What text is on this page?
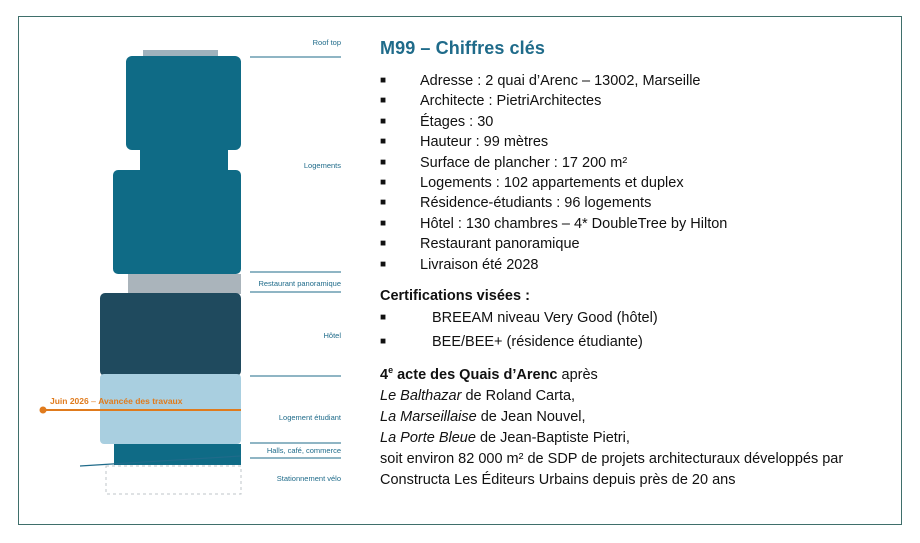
Roof top
Logements
Restaurant panoramique
Hôtel
Logement étudiant
Halls, café, commerce
Stationnement vélo
Juin 2026 – Avancée des travaux
M99 – Chiffres clés
■ Adresse : 2 quai d’Arenc – 13002, Marseille
■ Architecte : PietriArchitectes
■ Étages : 30
■ Hauteur : 99 mètres
■ Surface de plancher : 17 200 m²
■ Logements : 102 appartements et duplex
■ Résidence-étudiants : 96 logements
■ Hôtel : 130 chambres – 4* DoubleTree by Hilton
■ Restaurant panoramique
■ Livraison été 2028
Certifications visées :
■	BREEAM niveau Very Good (hôtel)
■	BEE/BEE+ (résidence étudiante)
4e acte des Quais d’Arenc après
Le Balthazar de Roland Carta,
La Marseillaise de Jean Nouvel,
La Porte Bleue de Jean-Baptiste Pietri,
soit environ 82 000 m² de SDP de projets architecturaux développés par
Constructa Les Éditeurs Urbains depuis près de 20 ans
